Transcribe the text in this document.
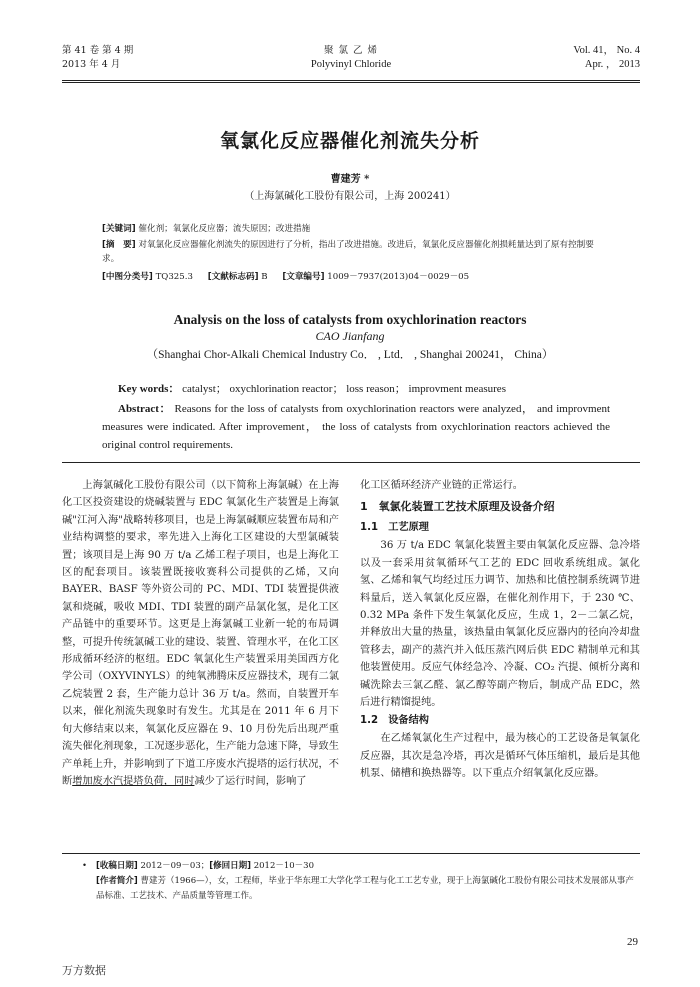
第 41 卷 第 4 期
2013 年 4 月
聚 氯 乙 烯
Polyvinyl Chloride
Vol. 41， No. 4
Apr. ， 2013
氧氯化反应器催化剂流失分析
曹建芳 *
（上海氯碱化工股份有限公司，上海 200241）
[关键词] 催化剂；氧氯化反应器；流失原因；改进措施
[摘　要] 对氧氯化反应器催化剂流失的原因进行了分析，指出了改进措施。改进后，氧氯化反应器催化剂损耗量达到了原有控制要求。
[中图分类号] TQ325.3 [文献标志码] B [文章编号] 1009－7937(2013)04－0029－05
Analysis on the loss of catalysts from oxychlorination reactors
CAO Jianfang
（Shanghai Chor-Alkali Chemical Industry Co． , Ltd． , Shanghai 200241， China）
Key words： catalyst； oxychlorination reactor； loss reason； improvment measures
Abstract： Reasons for the loss of catalysts from oxychlorination reactors were analyzed， and improvment measures were indicated. After improvement， the loss of catalysts from oxychlorination reactors achieved the original control requirements.

上海氯碱化工股份有限公司（以下简称上海氯碱）在上海化工区投资建设的烧碱装置与 EDC 氧氯化生产装置是上海氯碱"江河入海"战略转移项目，也是上海氯碱顺应装置布局和产业结构调整的要求，率先进入上海化工区建设的大型氯碱装置；该项目是上海 90 万 t/a 乙烯工程子项目，也是上海化工区的配套项目。该装置既接收赛科公司提供的乙烯，又向 BAYER、BASF 等外资公司的 PC、MDI、TDI 装置提供液氯和烧碱，吸收 MDI、TDI 装置的副产品氯化氢，是化工区产品链中的重要环节。这更是上海氯碱工业新一轮的布局调整，可提升传统氯碱工业的建设、装置、管理水平，在化工区形成循环经济的枢纽。EDC 氧氯化生产装置采用美国西方化学公司（OXYVINYLS）的纯氧沸腾床反应器技术，现有二氯乙烷装置 2 套，生产能力总计 36 万 t/a。然而，自装置开车以来，催化剂流失现象时有发生。尤其是在 2011 年 6 月下旬大修结束以来，氧氯化反应器在 9、10 月份先后出现严重流失催化剂现象，工况逐步恶化，生产能力急速下降，导致生产单耗上升，并影响到了下道工序废水汽提塔的运行状况，不断增加废水汽提塔负荷，同时减少了运行时间，影响了

化工区循环经济产业链的正常运行。

1　氧氯化装置工艺技术原理及设备介绍
1.1　工艺原理

36 万 t/a EDC 氧氯化装置主要由氧氯化反应器、急冷塔以及一套采用贫氧循环气工艺的 EDC 回收系统组成。氯化氢、乙烯和氧气均经过压力调节、加热和比值控制系统调节进料量后，送入氧氯化反应器，在催化剂作用下，于 230 ℃、0.32 MPa 条件下发生氧氯化反应，生成 1，2－二氯乙烷，并释放出大量的热量，该热量由氧氯化反应器内的径向冷却盘管移去，副产的蒸汽并入低压蒸汽网后供 EDC 精制单元和其他装置使用。反应气体经急冷、冷凝、CO₂ 汽提、倾析分离和碱洗除去三氯乙醛、氯乙醇等副产物后，制成产品 EDC，然后进行精馏提纯。

1.2　设备结构

在乙烯氧氯化生产过程中，最为核心的工艺设备是氧氯化反应器，其次是急冷塔，再次是循环气体压缩机，最后是其他机泵、储槽和换热器等。以下重点介绍氧氯化反应器。

•	[收稿日期] 2012－09－03；[修回日期] 2012－10－30
[作者简介] 曹建芳（1966—），女，工程师，毕业于华东理工大学化学工程与化工工艺专业，现于上海氯碱化工股份有限公司技术发展部从事产品标准、工艺技术、产品质量等管理工作。
29
万方数据
